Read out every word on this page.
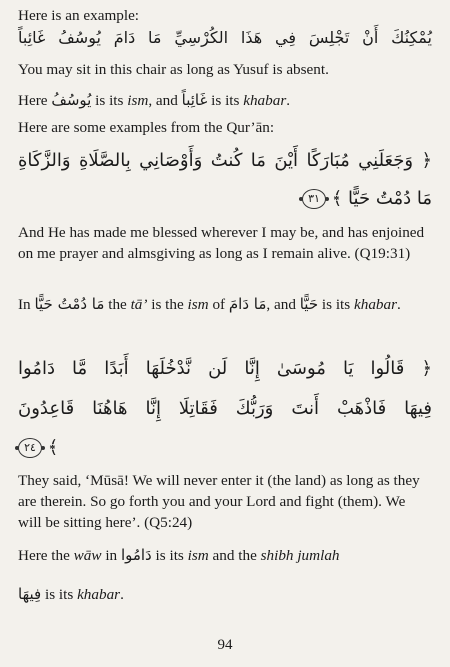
Here is an example:

يُمْكِنُكَ أَنْ تَجْلِسَ فِي هَذَا الكُرْسِيِّ مَا دَامَ يُوسُفُ غَائِباً

You may sit in this chair as long as Yusuf is absent.

Here يُوسُفُ is its ism, and غَائِباً is its khabar.

Here are some examples from the Qur’ān:

﴿ وَجَعَلَنِي مُبَارَكًا أَيْنَ مَا كُنتُ وَأَوْصَانِي بِالصَّلَاةِ وَالزَّكَاةِ
مَا دُمْتُ حَيًّا ﴾ ٣١

And He has made me blessed wherever I may be, and has enjoined on me prayer and almsgiving as long as I remain alive. (Q19:31)

In مَا دُمْتُ حَيًّا the tā’ is the ism of مَا دَامَ, and حَيًّا is its khabar.

﴿ قَالُوا يَا مُوسَىٰ إِنَّا لَن نَّدْخُلَهَا أَبَدًا مَّا دَامُوا
فِيهَا فَاذْهَبْ أَنتَ وَرَبُّكَ فَقَاتِلَا إِنَّا هَاهُنَا قَاعِدُونَ
﴾ ٢٤

They said, ‘Mūsā! We will never enter it (the land) as long as they are therein. So go forth you and your Lord and fight (them). We will be sitting here’. (Q5:24)

Here the wāw in دَامُوا is its ism and the shibh jumlah
فِيهَا is its khabar.

94
